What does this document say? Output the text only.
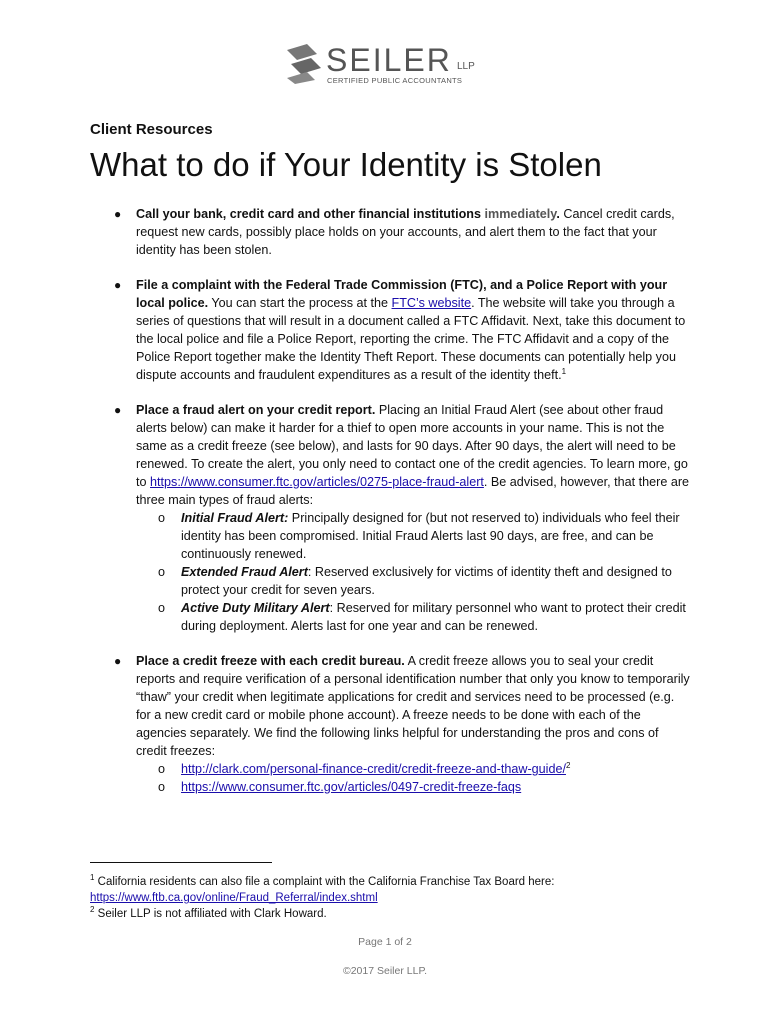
SEILER LLP
CERTIFIED PUBLIC ACCOUNTANTS
Client Resources
What to do if Your Identity is Stolen
● Call your bank, credit card and other financial institutions immediately. Cancel credit cards, request new cards, possibly place holds on your accounts, and alert them to the fact that your identity has been stolen.

● File a complaint with the Federal Trade Commission (FTC), and a Police Report with your local police. You can start the process at the FTC’s website. The website will take you through a series of questions that will result in a document called a FTC Affidavit. Next, take this document to the local police and file a Police Report, reporting the crime. The FTC Affidavit and a copy of the Police Report together make the Identity Theft Report. These documents can potentially help you dispute accounts and fraudulent expenditures as a result of the identity theft.$^1$

● Place a fraud alert on your credit report. Placing an Initial Fraud Alert (see about other fraud alerts below) can make it harder for a thief to open more accounts in your name. This is not the same as a credit freeze (see below), and lasts for 90 days. After 90 days, the alert will need to be renewed. To create the alert, you only need to contact one of the credit agencies. To learn more, go to https://www.consumer.ftc.gov/articles/0275-place-fraud-alert. Be advised, however, that there are three main types of fraud alerts:

o Initial Fraud Alert: Principally designed for (but not reserved to) individuals who feel their identity has been compromised. Initial Fraud Alerts last 90 days, are free, and can be continuously renewed.

o Extended Fraud Alert: Reserved exclusively for victims of identity theft and designed to protect your credit for seven years.

o Active Duty Military Alert: Reserved for military personnel who want to protect their credit during deployment. Alerts last for one year and can be renewed.

● Place a credit freeze with each credit bureau. A credit freeze allows you to seal your credit reports and require verification of a personal identification number that only you know to temporarily “thaw” your credit when legitimate applications for credit and services need to be processed (e.g. for a new credit card or mobile phone account). A freeze needs to be done with each of the agencies separately. We find the following links helpful for understanding the pros and cons of credit freezes:

o http://clark.com/personal-finance-credit/credit-freeze-and-thaw-guide/$^2$

o https://www.consumer.ftc.gov/articles/0497-credit-freeze-faqs

$^1$ California residents can also file a complaint with the California Franchise Tax Board here: https://www.ftb.ca.gov/online/Fraud_Referral/index.shtml

$^2$ Seiler LLP is not affiliated with Clark Howard.

Page 1 of 2
©2017 Seiler LLP.
